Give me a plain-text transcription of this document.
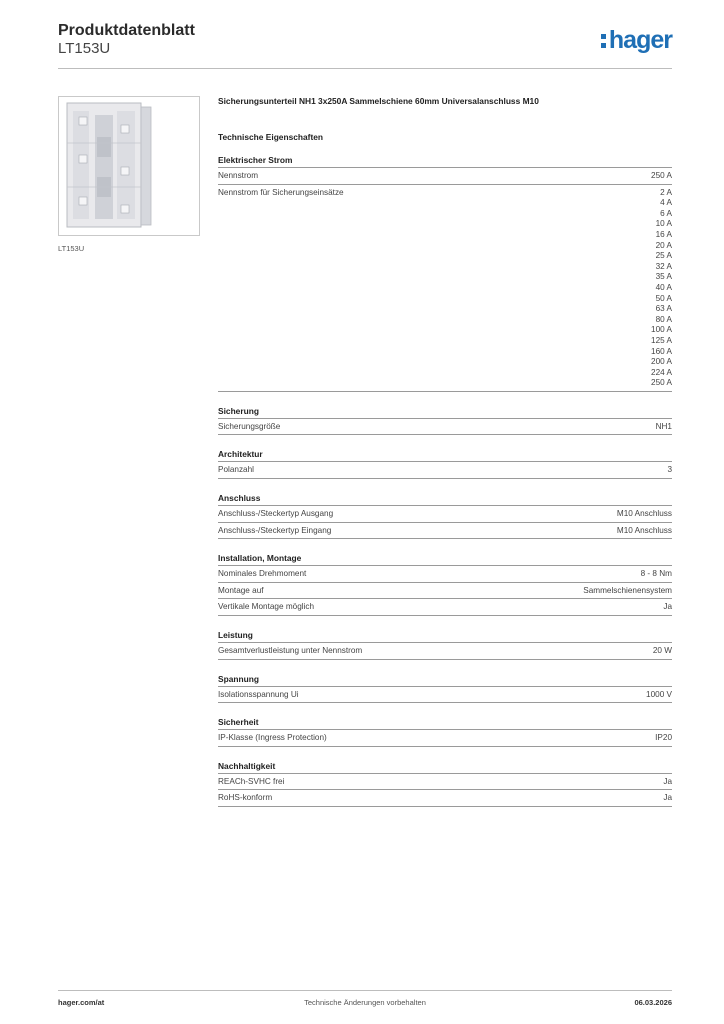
Produktdatenblatt
LT153U	hager
LT153U
Sicherungsunterteil NH1 3x250A Sammelschiene 60mm Universalanschluss M10
Technische Eigenschaften
Elektrischer Strom
Nennstrom	250 A
Nennstrom für Sicherungseinsätze	2 A
4 A
6 A
10 A
16 A
20 A
25 A
32 A
35 A
40 A
50 A
63 A
80 A
100 A
125 A
160 A
200 A
224 A
250 A
Sicherung
Sicherungsgröße	NH1
Architektur
Polanzahl	3
Anschluss
Anschluss-/Steckertyp Ausgang	M10 Anschluss
Anschluss-/Steckertyp Eingang	M10 Anschluss
Installation, Montage
Nominales Drehmoment	8 - 8 Nm
Montage auf	Sammelschienensystem
Vertikale Montage möglich	Ja
Leistung
Gesamtverlustleistung unter Nennstrom	20 W
Spannung
Isolationsspannung Ui	1000 V
Sicherheit
IP-Klasse (Ingress Protection)	IP20
Nachhaltigkeit
REACh-SVHC frei	Ja
RoHS-konform	Ja
hager.com/at	Technische Änderungen vorbehalten	06.03.2026
